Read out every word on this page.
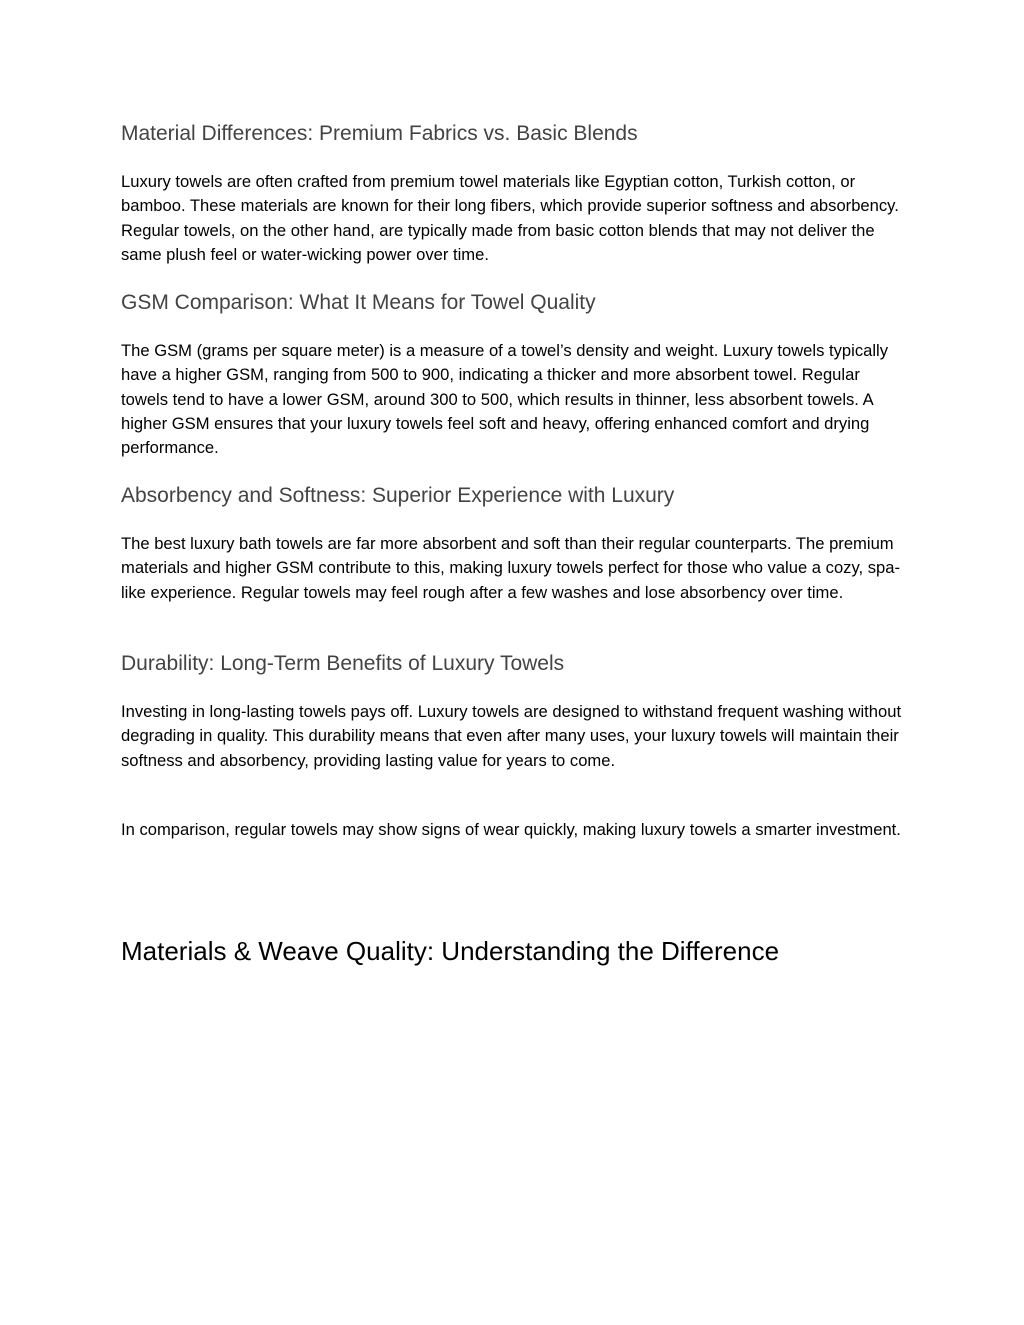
Material Differences: Premium Fabrics vs. Basic Blends

Luxury towels are often crafted from premium towel materials like Egyptian cotton, Turkish cotton, or bamboo. These materials are known for their long fibers, which provide superior softness and absorbency. Regular towels, on the other hand, are typically made from basic cotton blends that may not deliver the same plush feel or water-wicking power over time.

GSM Comparison: What It Means for Towel Quality

The GSM (grams per square meter) is a measure of a towel’s density and weight. Luxury towels typically have a higher GSM, ranging from 500 to 900, indicating a thicker and more absorbent towel. Regular towels tend to have a lower GSM, around 300 to 500, which results in thinner, less absorbent towels. A higher GSM ensures that your luxury towels feel soft and heavy, offering enhanced comfort and drying performance.

Absorbency and Softness: Superior Experience with Luxury

The best luxury bath towels are far more absorbent and soft than their regular counterparts. The premium materials and higher GSM contribute to this, making luxury towels perfect for those who value a cozy, spa-like experience. Regular towels may feel rough after a few washes and lose absorbency over time.

Durability: Long-Term Benefits of Luxury Towels

Investing in long-lasting towels pays off. Luxury towels are designed to withstand frequent washing without degrading in quality. This durability means that even after many uses, your luxury towels will maintain their softness and absorbency, providing lasting value for years to come.

In comparison, regular towels may show signs of wear quickly, making luxury towels a smarter investment.

Materials & Weave Quality: Understanding the Difference
